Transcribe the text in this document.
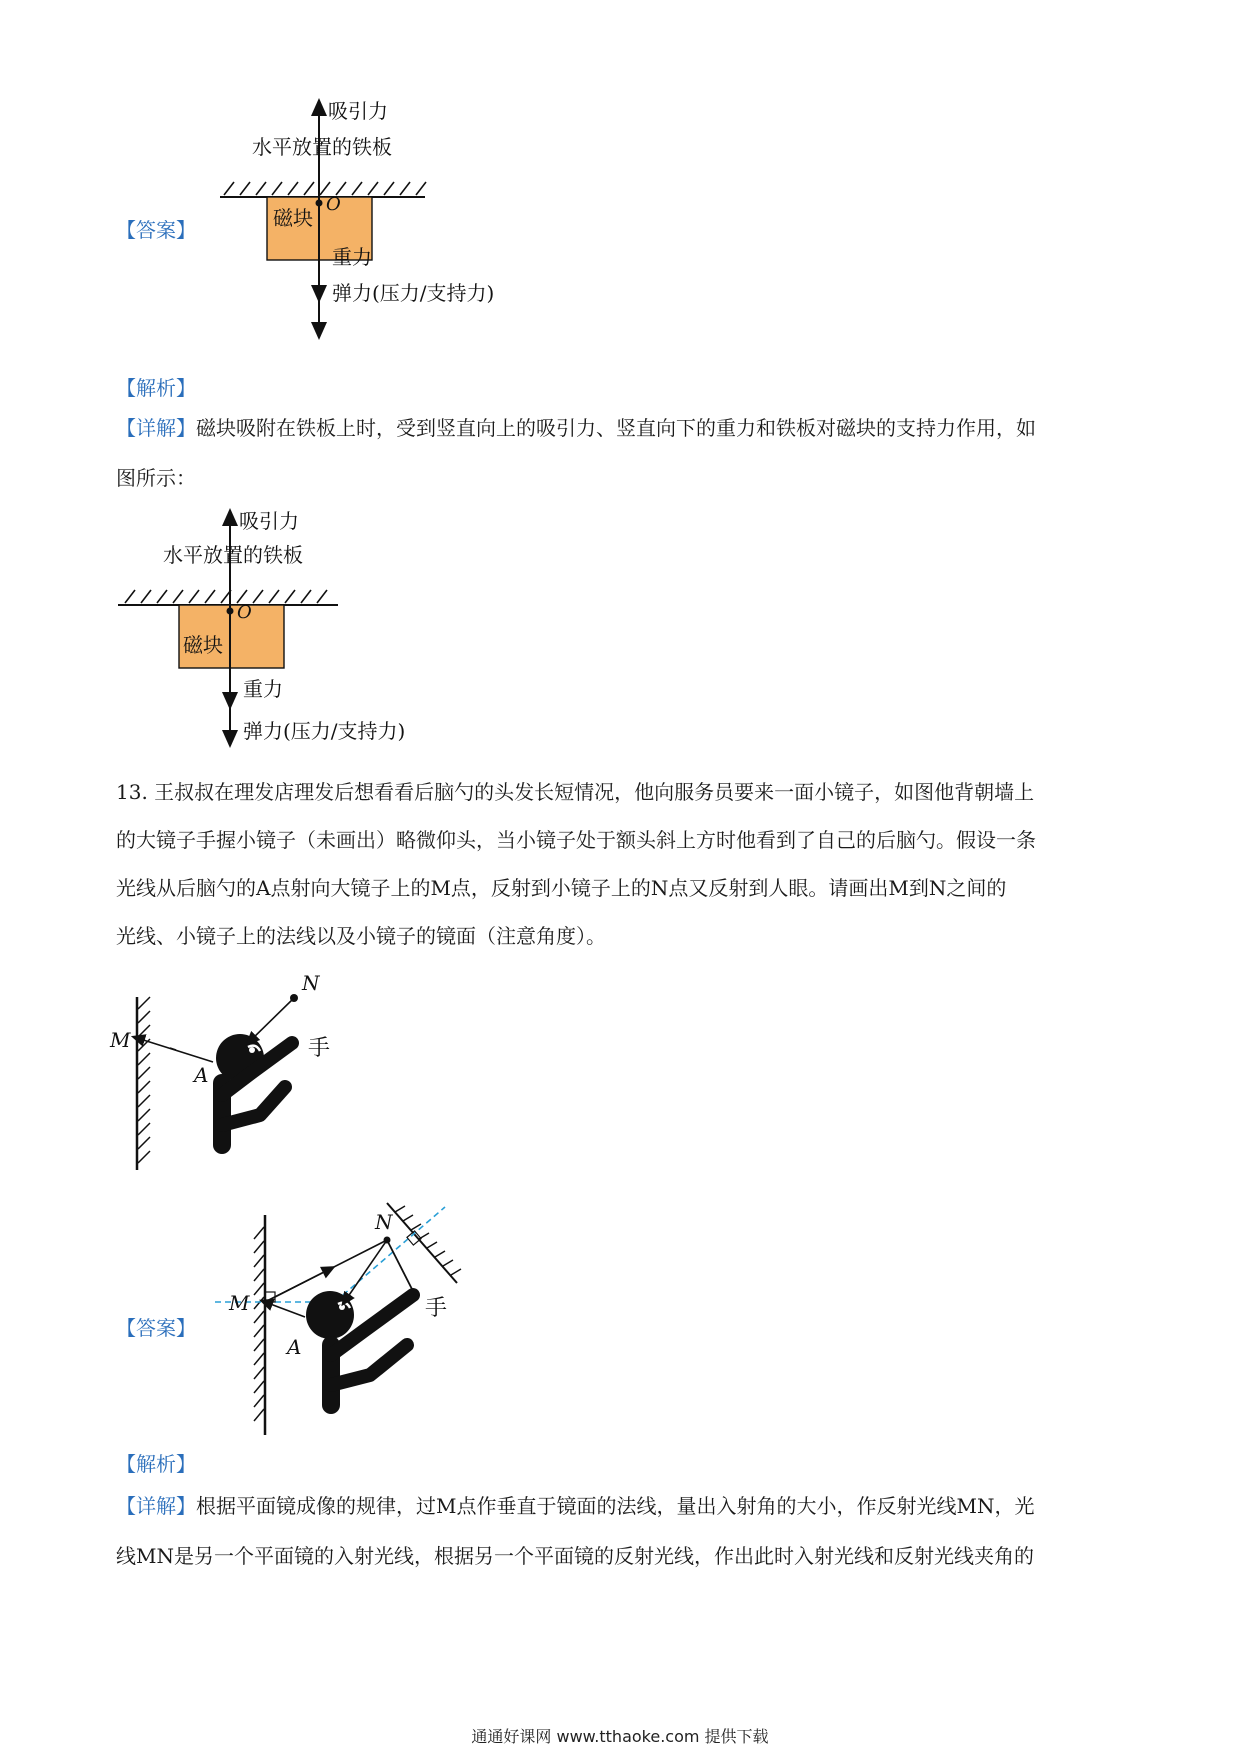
吸引力
水平放置的铁板
O
磁块
重力
弹力(压力/支持力)
【答案】
【解析】
【详解】磁块吸附在铁板上时，受到竖直向上的吸引力、竖直向下的重力和铁板对磁块的支持力作用，如
图所示：
吸引力
水平放置的铁板
O
磁块
重力
弹力(压力/支持力)
13. 王叔叔在理发店理发后想看看后脑勺的头发长短情况，他向服务员要来一面小镜子，如图他背朝墙上
的大镜子手握小镜子（未画出）略微仰头，当小镜子处于额头斜上方时他看到了自己的后脑勺。假设一条
光线从后脑勺的A点射向大镜子上的M点，反射到小镜子上的N点又反射到人眼。请画出M到N之间的
光线、小镜子上的法线以及小镜子的镜面（注意角度）。
N
M
A
手
【答案】
N
M
A
手
【解析】
【详解】根据平面镜成像的规律，过M点作垂直于镜面的法线，量出入射角的大小，作反射光线MN，光
线MN是另一个平面镜的入射光线，根据另一个平面镜的反射光线，作出此时入射光线和反射光线夹角的
通通好课网 www.tthaoke.com 提供下载
